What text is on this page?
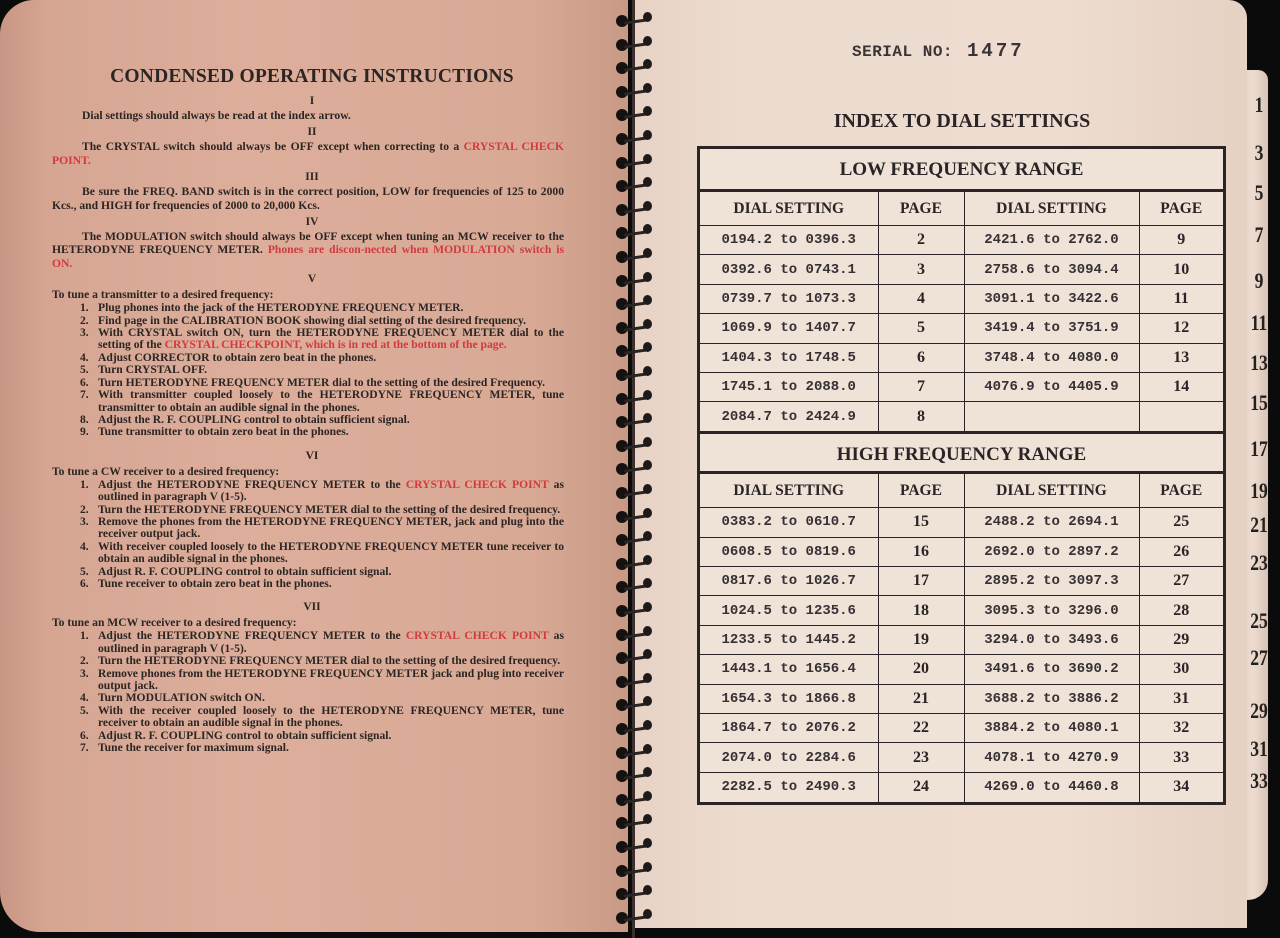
CONDENSED OPERATING INSTRUCTIONS
I
Dial settings should always be read at the index arrow.
II
The CRYSTAL switch should always be OFF except when correcting to a CRYSTAL CHECK POINT.
III
Be sure the FREQ. BAND switch is in the correct position, LOW for frequencies of 125 to 2000 Kcs., and HIGH for frequencies of 2000 to 20,000 Kcs.
IV
The MODULATION switch should always be OFF except when tuning an MCW receiver to the HETERODYNE FREQUENCY METER. Phones are discon-nected when MODULATION switch is ON.
V
To tune a transmitter to a desired frequency:
1. Plug phones into the jack of the HETERODYNE FREQUENCY METER.
2. Find page in the CALIBRATION BOOK showing dial setting of the desired frequency.
3. With CRYSTAL switch ON, turn the HETERODYNE FREQUENCY METER dial to the setting of the CRYSTAL CHECKPOINT, which is in red at the bottom of the page.
4. Adjust CORRECTOR to obtain zero beat in the phones.
5. Turn CRYSTAL OFF.
6. Turn HETERODYNE FREQUENCY METER dial to the setting of the desired Frequency.
7. With transmitter coupled loosely to the HETERODYNE FREQUENCY METER, tune transmitter to obtain an audible signal in the phones.
8. Adjust the R. F. COUPLING control to obtain sufficient signal.
9. Tune transmitter to obtain zero beat in the phones.
VI
To tune a CW receiver to a desired frequency:
1. Adjust the HETERODYNE FREQUENCY METER to the CRYSTAL CHECK POINT as outlined in paragraph V (1-5).
2. Turn the HETERODYNE FREQUENCY METER dial to the setting of the desired frequency.
3. Remove the phones from the HETERODYNE FREQUENCY METER, jack and plug into the receiver output jack.
4. With receiver coupled loosely to the HETERODYNE FREQUENCY METER tune receiver to obtain an audible signal in the phones.
5. Adjust R. F. COUPLING control to obtain sufficient signal.
6. Tune receiver to obtain zero beat in the phones.
VII
To tune an MCW receiver to a desired frequency:
1. Adjust the HETERODYNE FREQUENCY METER to the CRYSTAL CHECK POINT as outlined in paragraph V (1-5).
2. Turn the HETERODYNE FREQUENCY METER dial to the setting of the desired frequency.
3. Remove phones from the HETERODYNE FREQUENCY METER jack and plug into receiver output jack.
4. Turn MODULATION switch ON.
5. With the receiver coupled loosely to the HETERODYNE FREQUENCY METER, tune receiver to obtain an audible signal in the phones.
6. Adjust R. F. COUPLING control to obtain sufficient signal.
7. Tune the receiver for maximum signal.
1
3
5
7
9
11
13
15
17
19
21
23
25
27
29
31
33
SERIAL NO: 1477
INDEX TO DIAL SETTINGS
LOW FREQUENCY RANGE
DIAL SETTING	PAGE	DIAL SETTING	PAGE
0194.2 to 0396.3	2	2421.6 to 2762.0	9
0392.6 to 0743.1	3	2758.6 to 3094.4	10
0739.7 to 1073.3	4	3091.1 to 3422.6	11
1069.9 to 1407.7	5	3419.4 to 3751.9	12
1404.3 to 1748.5	6	3748.4 to 4080.0	13
1745.1 to 2088.0	7	4076.9 to 4405.9	14
2084.7 to 2424.9	8		
HIGH FREQUENCY RANGE
DIAL SETTING	PAGE	DIAL SETTING	PAGE
0383.2 to 0610.7	15	2488.2 to 2694.1	25
0608.5 to 0819.6	16	2692.0 to 2897.2	26
0817.6 to 1026.7	17	2895.2 to 3097.3	27
1024.5 to 1235.6	18	3095.3 to 3296.0	28
1233.5 to 1445.2	19	3294.0 to 3493.6	29
1443.1 to 1656.4	20	3491.6 to 3690.2	30
1654.3 to 1866.8	21	3688.2 to 3886.2	31
1864.7 to 2076.2	22	3884.2 to 4080.1	32
2074.0 to 2284.6	23	4078.1 to 4270.9	33
2282.5 to 2490.3	24	4269.0 to 4460.8	34
